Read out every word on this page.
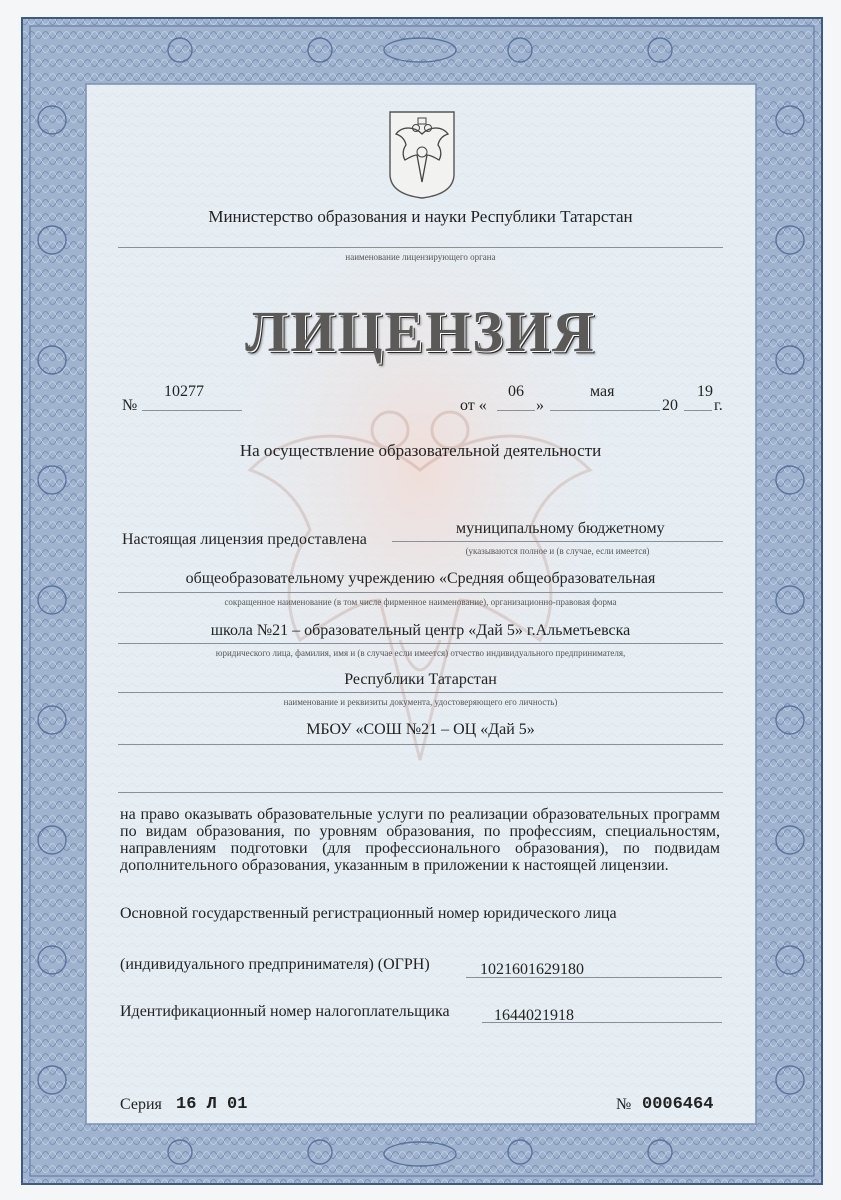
Министерство образования и науки Республики Татарстан
наименование лицензирующего органа
ЛИЦЕНЗИЯ
№
10277
от «
06
»
мая
20
19
г.
На осуществление образовательной деятельности
Настоящая лицензия предоставлена
муниципальному бюджетному
(указываются полное и (в случае, если имеется)
общеобразовательному учреждению «Средняя общеобразовательная
сокращенное наименование (в том числе фирменное наименование), организационно-правовая форма
школа №21 – образовательный центр «Дай 5» г.Альметьевска
юридического лица, фамилия, имя и (в случае если имеется) отчество индивидуального предпринимателя,
Республики Татарстан
наименование и реквизиты документа, удостоверяющего его личность)
МБОУ «СОШ №21 – ОЦ «Дай 5»
на право оказывать образовательные услуги по реализации образовательных программ по видам образования, по уровням образования, по профессиям, специальностям, направлениям подготовки (для профессионального образования), по подвидам дополнительного образования, указанным в приложении к настоящей лицензии.
Основной государственный регистрационный номер юридического лица
(индивидуального предпринимателя) (ОГРН)	1021601629180
Идентификационный номер налогоплательщика	1644021918
Серия 16 Л 01	№ 0006464
